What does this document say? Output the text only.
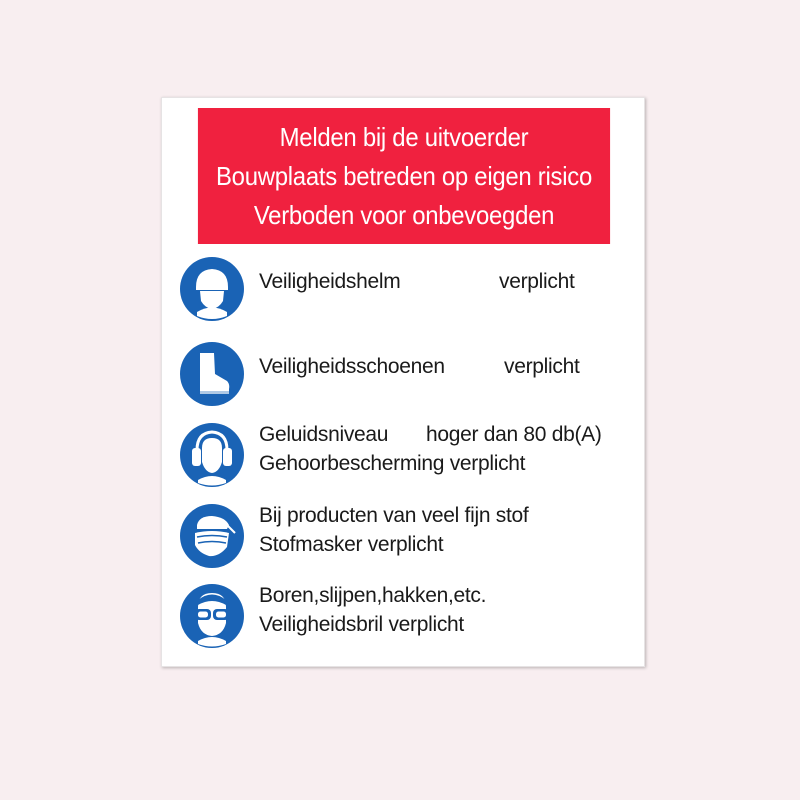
Melden bij de uitvoerder
Bouwplaats betreden op eigen risico
Verboden voor onbevoegden
Veiligheidshelm	verplicht
Veiligheidsschoenen	verplicht
Geluidsniveau hoger dan 80 db(A)
Gehoorbescherming verplicht
Bij producten van veel fijn stof
Stofmasker verplicht
Boren,slijpen,hakken,etc.
Veiligheidsbril verplicht
